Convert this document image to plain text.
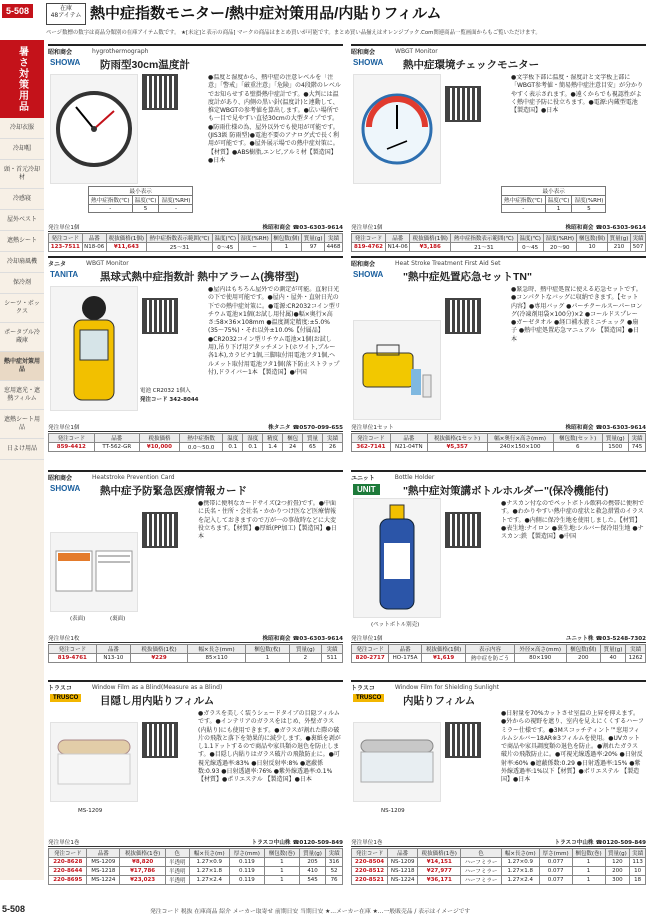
5-508	在庫
48アイテム 熱中症指数モニター/熱中症対策用品/内貼りフィルム
ページ数標の数字は商品分類別の在庫アイテム数です。 ★[未定]と表示の商品] マークの商品はまとめ買いが可能です。まとめ買い品揃えはオレンジブック.Com関連商品一覧画面からもご覧いただけます。
暑さ対策用品
冷却衣服
冷却帽
頭・首元冷却材
冷感寝
屋外ベスト
遮熱シート
冷却扇風機
保冷剤
シーツ・ボックス
ポータブル冷蔵庫
熱中症対策用品
窓用遮光・遮熱フィルム
遮熱シート用品
日よけ用品
昭和商会	hygrothermograph
SHOWA 防雨型30cm温度計
●温度と湿度から、熱中症の注意レベルを「注意」「警戒」「厳重注意」「危険」の4段階のレベルでお知らせする壁掛熱中症計です。●大判には温度計があり、内側の黒い針(温度計)と連動して、推定WBGTの参考値を算出します。●広い場所でも一目で見やすい直径30cmの大型タイプです。●防雨仕様の為、屋外以外でも使用が可能です。(JIS3級 防雨型)●電池不要のアナログ式で長く利用が可能です。●屋外展示場での熱中症対策に。【材質】●ABS樹脂,エンビ,アルミ材【製造国】●日本
最小表示		
熱中症指数(℃)	温度(℃)	湿度(%RH)
-	5	-
発注単位1個	株昭和商会 ☎03-6303-9614
発注コード	品番	税抜価格(1個)	熱中症指数表示範囲(℃)	温度(℃)	湿度(%RH)	梱包数(個)	質量(g)	実績
123-7511	N18-06	¥11,643	25〜31	0〜45	−	1	97	4468
昭和商会	WBGT Monitor
SHOWA 熱中症環境チェックモニター
●文字板下部に温度・湿度計と文字板上部に「WBGT参考値・簡易熱中症注意目安」が分かりやすく表示されます。●遠くからでも視認性がよく熱中症予防に役立ちます。●電源:内蔵型電池 【製造国】●日本
最小表示		
熱中症指数(℃)	温度(℃)	湿度(%RH)
-	1	5
発注単位1個	株昭和商会 ☎03-6303-9614
発注コード	品番	税抜価格(1個)	熱中症指数表示範囲(℃)	温度(℃)	湿度(%RH)	梱包数(個)	質量(g)	実績
819-4762	N14-06	¥3,186	21〜31	0〜45	20〜90	10	210	507
タニタ	WBGT Monitor
TANITA 黒球式熱中症指数計 熱中アラーム(携帯型)
●屋内はもちろん屋外での測定が可能。直射日光の下で使用可能です。●屋内・屋外・直射日光の下での熱中症対策に。●電源:CR2032コイン型リチウム電池×1個(お試し用付属)●幅×奥行×高さ:58×36×108mm ●温度測定精度:±5.0%(35〜75%)・それ以外±10.0%【付属品】●CR2032コイン型リチウム電池×1個(お試し用),吊り下げ用アタッチメント(ホワイト,ブルー各1本),カラビナ1個,三脚取付用電池フタ1個,ヘルメット取付用電池フタ1個(落下防止ストラップ付),ドライバー1本 【製造国】●中国
電池 CR2032 1個入
発注コード 342-8044
発注単位1個	株タニタ ☎0570-099-655
発注コード	品番	税抜価格	熱中症指数	温度	湿度	精度	梱包	質量	実績
859-4412	TT-562-GR	¥10,000	0.0〜50.0	0.1	0.1	1.4	24	65	26
昭和商会	Heat Stroke Treatment First Aid Set
SHOWA "熱中症処置応急セットTN"
●緊急時、熱中症処置に使える応急セットです。●コンパクトなバッグに収納できます。【セット内容】●専用バッグ ●パーチクールスーパーロング(冷凍剤用袋×100分)×2 ●コールドスプレー ●ガーゼタオル ●経口補水液ミニチェック ●扇子 ●熱中症処置応急マニュアル 【製造国】●日本
発注単位1セット	株昭和商会 ☎03-6303-9614
発注コード	品番	税抜価格(1セット)	幅×奥行×高さ(mm)	梱包数(セット)	質量(g)	実績
362-7141	N21-04TN	¥5,357	240×150×100	6	1500	745
昭和商会	Heatstroke Prevention Card
SHOWA 熱中症予防緊急医療情報カード
(表面)	(裏面)
●携帯に便利なカードサイズ(2つ折畳)です。●中面に氏名・住所・会社名・かかりつけ医など医療情報を記入しておきますので万が一の事故時などに大変役立ちます。【材質】●厚紙(PP加工)【製造国】●日本
発注単位1枚	株昭和商会 ☎03-6303-9614
発注コード	品番	税抜価格(1枚)	幅×長さ(mm)	梱包数(枚)	質量(g)	実績
819-4761	N13-10	¥229	85×110	1	2	511
ユニット	Bottle Holder
UNIT	"熱中症対策講ボトルホルダー"(保冷機能付)
(ペットボトル別売)
●ナスカン付なのでペットボトル飲料の携帯に便利です。●わかりやすい熱中症の症状と救急措置のイラストです。●内側に保冷生地を使用しました。【材質】●表生地:ナイロン ●裏生地:シルバー保冷用生地 ●ナスカン:鉄 【製造国】●中国
発注単位1個	ユニット株 ☎03-5248-7302
発注コード	品番	税抜価格(1個)	表示内容	外径×高さ(mm)	梱包数(個)	質量(g)	実績
820-2717	HO-175A	¥1,619	熱中症を防ごう	80×190	200	40	1262
トラスコ	Window Film as a Blind(Measure as a Blind)
TRUSCO 目隠し用内貼りフィルム
MS-1209
●ガラスを美しく装うシェードタイプの目隠フィルムです。●インテリアのガラスをはじめ、外壁ガラス(内貼り)にも使用できます。●ガラスが割れた際の破片の飛散と落下を効果的に減少します。●裏紙を剥がし1.1ドットするので商品や家具類の退色を防止します。●目隠し内貼りはガラス破片の飛散防止に。●可視光線透過率:83% ●日射反射率:8% ●遮蔽係数:0.93 ●日射透過率:76% ●紫外線透過率:0.1%【材質】●ポリエステル 【製造国】●日本
発注単位1巻	トラスコ中山株 ☎0120-509-849
発注コード	品番	税抜価格(1巻)	色	幅×長さ(m)	厚さ(mm)	梱包数(巻)	質量(g)	実績
220-8628	MS-1209	¥8,820	半透明	1.27×0.9	0.119	1	205	316
220-8644	MS-1218	¥17,786	半透明	1.27×1.8	0.119	1	410	52
220-8695	MS-1224	¥23,023	半透明	1.27×2.4	0.119	1	545	76
トラスコ	Window Film for Shielding Sunlight
TRUSCO 内貼りフィルム
NS-1209
●日射量を70%カットさせ室温の上昇を抑えます。●外からの視野を遮り、室内を見えにくくするハーフミラー仕様です。●3Mスコッチティント™窓用フィルムシルバー18AR※3フィルムを使用。●UVカットで商品や家具調度類の退色を防止。●割れたガラス破片の飛散防止に。●可視光線透過率:20% ●日射反射率:60% ●遮蔽係数:0.29 ●日射透過率:15% ●紫外線透過率:1%以下【材質】●ポリエステル 【製造国】●日本
発注単位1巻	トラスコ中山株 ☎0120-509-849
発注コード	品番	税抜価格(1巻)	色	幅×長さ(m)	厚さ(mm)	梱包数(巻)	質量(g)	実績
220-8504	NS-1209	¥14,151	ハーフミラー	1.27×0.9	0.077	1	120	113
220-8512	NS-1218	¥27,977	ハーフミラー	1.27×1.8	0.077	1	200	10
220-8521	NS-1224	¥36,171	ハーフミラー	1.27×2.4	0.077	1	300	18
5-508	発注コード 税抜 在庫商品 紹介 メーカー取寄せ 前期日安 当期日安 ★…メーカー在庫 ★…一般販売品 / 表示はイメージです
